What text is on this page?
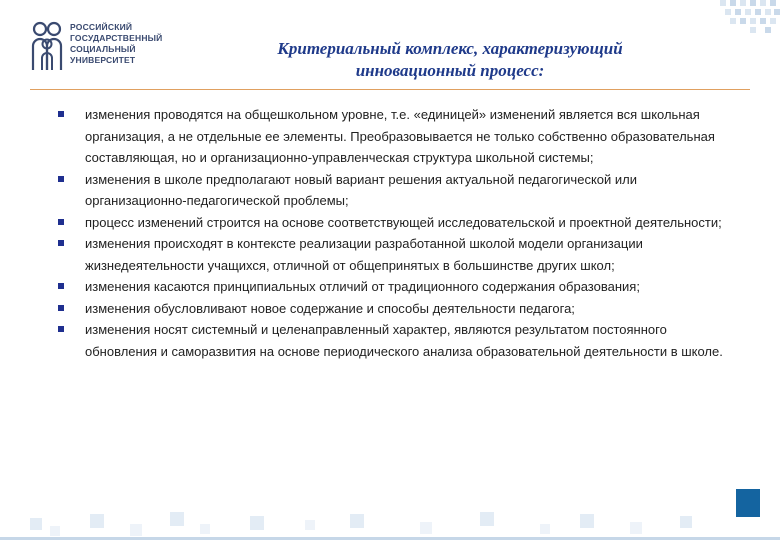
РОССИЙСКИЙ
ГОСУДАРСТВЕННЫЙ
СОЦИАЛЬНЫЙ
УНИВЕРСИТЕТ
Критериальный комплекс, характеризующий
инновационный процесс:
изменения проводятся на общешкольном уровне, т.е. «единицей» изменений является вся школьная организация, а не отдельные ее элементы. Преобразовывается не только собственно образовательная составляющая, но и организационно-управленческая структура школьной системы;
изменения в школе предполагают новый вариант решения актуальной педагогической или организационно-педагогической проблемы;
процесс изменений строится на основе соответствующей исследовательской и проектной деятельности;
изменения происходят в контексте реализации разработанной школой модели организации жизнедеятельности учащихся, отличной от общепринятых в большинстве других школ;
изменения касаются принципиальных отличий от традиционного содержания образования;
изменения обусловливают новое содержание и способы деятельности педагога;
изменения носят системный и целенаправленный характер, являются результатом постоянного обновления и саморазвития на основе периодического анализа образовательной деятельности в школе.
